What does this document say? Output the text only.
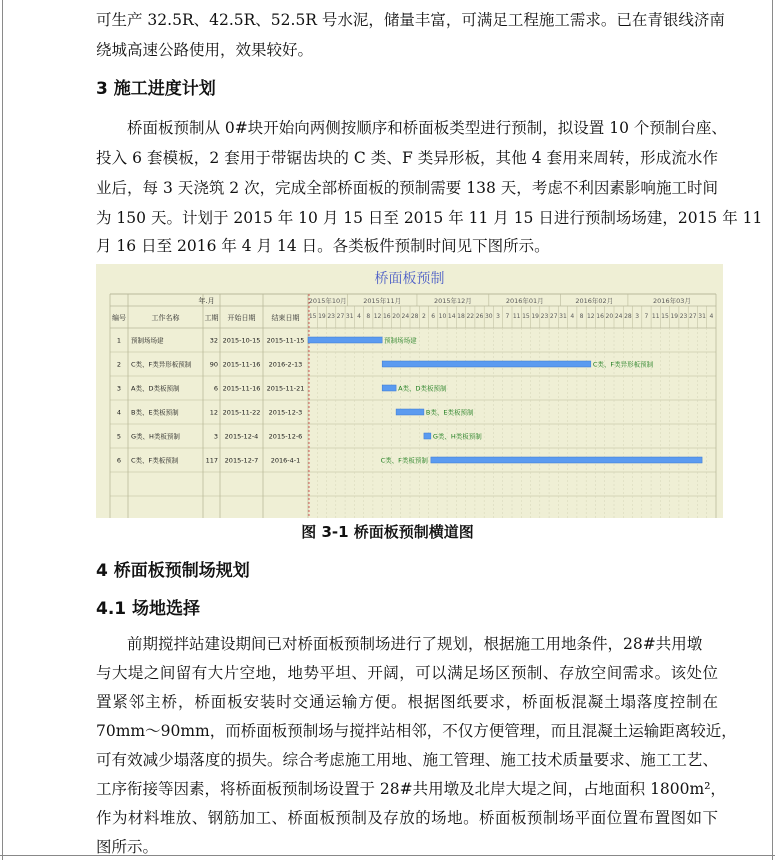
可生产 32.5R、42.5R、52.5R 号水泥，储量丰富，可满足工程施工需求。已在青银线济南
绕城高速公路使用，效果较好。
3 施工进度计划
桥面板预制从 0#块开始向两侧按顺序和桥面板类型进行预制，拟设置 10 个预制台座、
投入 6 套模板，2 套用于带锯齿块的 C 类、F 类异形板，其他 4 套用来周转，形成流水作
业后，每 3 天浇筑 2 次，完成全部桥面板的预制需要 138 天，考虑不利因素影响施工时间
为 150 天。计划于 2015 年 10 月 15 日至 2015 年 11 月 15 日进行预制场场建，2015 年 11
月 16 日至 2016 年 4 月 14 日。各类板件预制时间见下图所示。
年.月
编号	工作名称	工期 开始日期 结束日期
2015年10月	2015年11月	2015年12月	2016年01月	2016年02月	2016年03月
15 19 23 27 31 4 8 12 16 20 24 28 2 6 10 14 18 22 26 30 3 7 11 15 19 23 27 31 4 8 12 16 20 24 28 3 7 11 15 19 23 27 31 4
1 预制场场建	32 2015-10-15 2015-11-15	预制场场建
2 C类、F类异形板预制	90 2015-11-16 2016-2-13	C类、F类异形板预制
3 A类、D类板预制	6 2015-11-16 2015-11-21	A类、D类板预制
4 B类、E类板预制	12 2015-11-22 2015-12-3	B类、E类板预制
5 G类、H类板预制	3 2015-12-4 2015-12-6	G类、H类板预制
6 C类、F类板预制	117 2015-12-7 2016-4-1	C类、F类板预制
桥面板预制
图 3-1 桥面板预制横道图
4 桥面板预制场规划
4.1 场地选择
前期搅拌站建设期间已对桥面板预制场进行了规划，根据施工用地条件，28#共用墩
与大堤之间留有大片空地，地势平坦、开阔，可以满足场区预制、存放空间需求。该处位
置紧邻主桥，桥面板安装时交通运输方便。根据图纸要求，桥面板混凝土塌落度控制在
70mm～90mm，而桥面板预制场与搅拌站相邻，不仅方便管理，而且混凝土运输距离较近，
可有效减少塌落度的损失。综合考虑施工用地、施工管理、施工技术质量要求、施工工艺、
工序衔接等因素，将桥面板预制场设置于 28#共用墩及北岸大堤之间，占地面积 1800m²，
作为材料堆放、钢筋加工、桥面板预制及存放的场地。桥面板预制场平面位置布置图如下
图所示。
